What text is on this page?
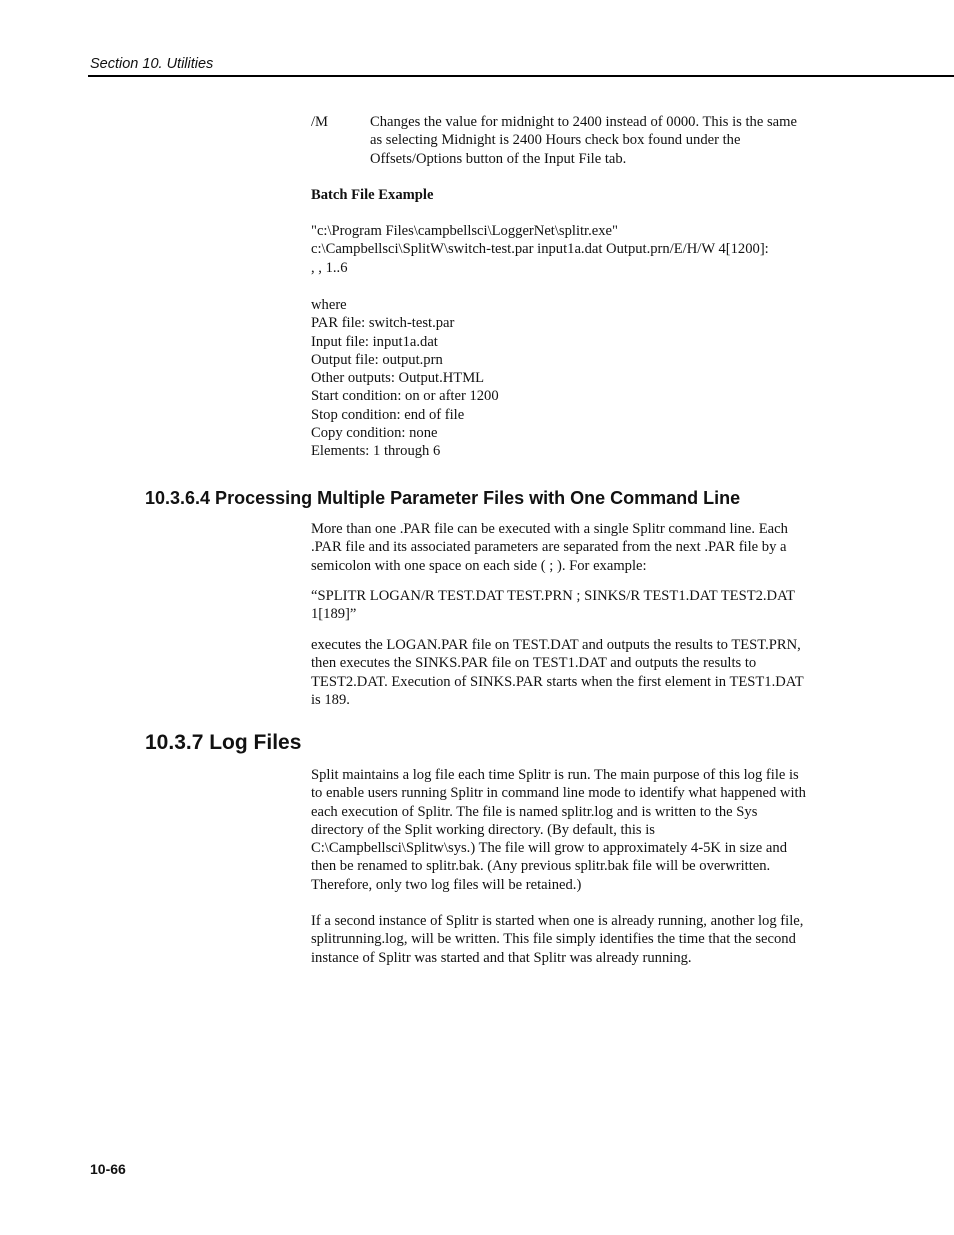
Section 10. Utilities
/M	Changes the value for midnight to 2400 instead of 0000. This is the same as selecting Midnight is 2400 Hours check box found under the Offsets/Options button of the Input File tab.

Batch File Example

"c:\Program Files\campbellsci\LoggerNet\splitr.exe"

c:\Campbellsci\SplitW\switch-test.par input1a.dat Output.prn/E/H/W 4[1200]:

, , 1..6

where

PAR file: switch-test.par

Input file: input1a.dat

Output file: output.prn

Other outputs: Output.HTML

Start condition: on or after 1200

Stop condition: end of file

Copy condition: none

Elements: 1 through 6

10.3.6.4 Processing Multiple Parameter Files with One Command Line
More than one .PAR file can be executed with a single Splitr command line. Each .PAR file and its associated parameters are separated from the next .PAR file by a semicolon with one space on each side ( ; ). For example:
“SPLITR LOGAN/R TEST.DAT TEST.PRN ; SINKS/R TEST1.DAT TEST2.DAT 1[189]”
executes the LOGAN.PAR file on TEST.DAT and outputs the results to TEST.PRN, then executes the SINKS.PAR file on TEST1.DAT and outputs the results to TEST2.DAT. Execution of SINKS.PAR starts when the first element in TEST1.DAT is 189.
10.3.7 Log Files
Split maintains a log file each time Splitr is run. The main purpose of this log file is to enable users running Splitr in command line mode to identify what happened with each execution of Splitr. The file is named splitr.log and is written to the Sys directory of the Split working directory. (By default, this is C:\Campbellsci\Splitw\sys.) The file will grow to approximately 4-5K in size and then be renamed to splitr.bak. (Any previous splitr.bak file will be overwritten. Therefore, only two log files will be retained.)
If a second instance of Splitr is started when one is already running, another log file, splitrunning.log, will be written. This file simply identifies the time that the second instance of Splitr was started and that Splitr was already running.
10-66
